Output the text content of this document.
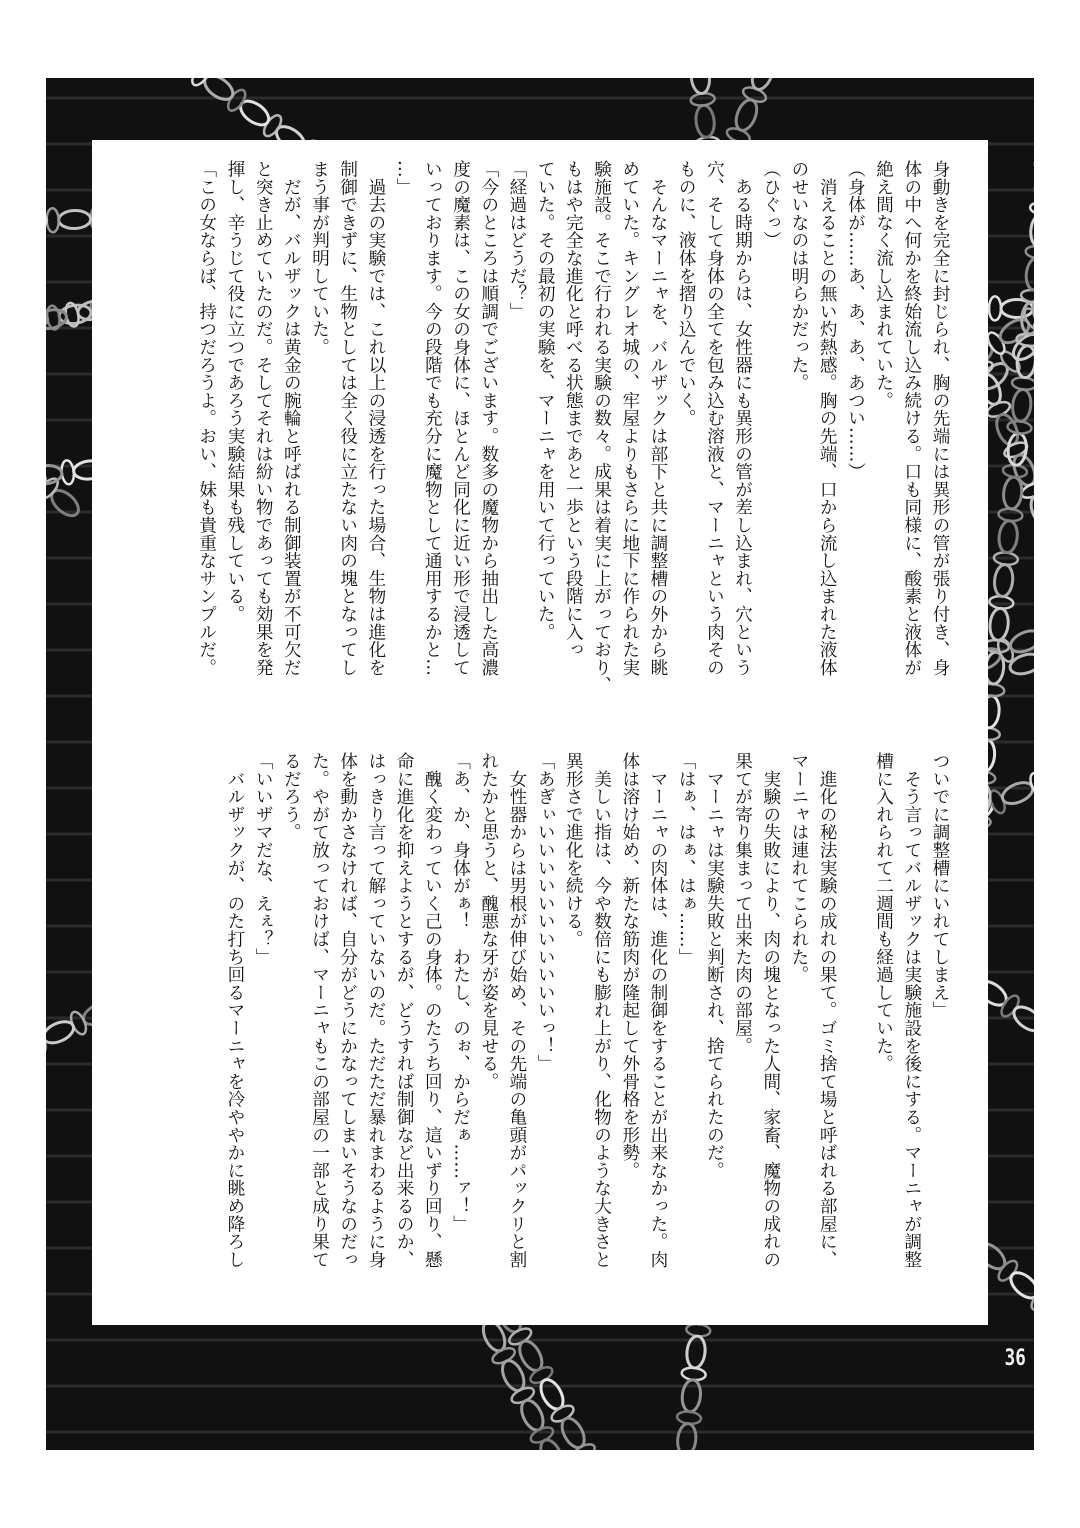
身動きを完全に封じられ、胸の先端には異形の管が張り付き、身
体の中へ何かを終始流し込み続ける。口も同様に、酸素と液体が
絶え間なく流し込まれていた。
（身体が……あ、あ、あ、あつい……）
　消えることの無い灼熱感。胸の先端、口から流し込まれた液体
のせいなのは明らかだった。
（ひぐっ）
　ある時期からは、女性器にも異形の管が差し込まれ、穴という
穴、そして身体の全てを包み込む溶液と、マーニャという肉その
ものに、液体を摺り込んでいく。
　そんなマーニャを、バルザックは部下と共に調整槽の外から眺
めていた。キングレオ城の、牢屋よりもさらに地下に作られた実
験施設。そこで行われる実験の数々。成果は着実に上がっており、
もはや完全な進化と呼べる状態まであと一歩という段階に入っ
ていた。その最初の実験を、マーニャを用いて行っていた。
「経過はどうだ？」
「今のところは順調でございます。数多の魔物から抽出した高濃
度の魔素は、この女の身体に、ほとんど同化に近い形で浸透して
いっております。今の段階でも充分に魔物として通用するかと…
…」
　過去の実験では、これ以上の浸透を行った場合、生物は進化を
制御できずに、生物としては全く役に立たない肉の塊となってし
まう事が判明していた。
　だが、バルザックは黄金の腕輪と呼ばれる制御装置が不可欠だ
と突き止めていたのだ。そしてそれは紛い物であっても効果を発
揮し、辛うじて役に立つであろう実験結果も残している。
「この女ならば、持つだろうよ。おい、妹も貴重なサンプルだ。
ついでに調整槽にいれてしまえ」
　そう言ってバルザックは実験施設を後にする。マーニャが調整
槽に入れられて二週間も経過していた。

　進化の秘法実験の成れの果て。ゴミ捨て場と呼ばれる部屋に、
マーニャは連れてこられた。
　実験の失敗により、肉の塊となった人間、家畜、魔物の成れの
果てが寄り集まって出来た肉の部屋。
　マーニャは実験失敗と判断され、捨てられたのだ。
「はぁ、はぁ、はぁ……」
　マーニャの肉体は、進化の制御をすることが出来なかった。肉
体は溶け始め、新たな筋肉が隆起して外骨格を形勢。
　美しい指は、今や数倍にも膨れ上がり、化物のような大きさと
異形さで進化を続ける。
「あぎぃいいいいいいいいいいいっ！」
　女性器からは男根が伸び始め、その先端の亀頭がパックリと割
れたかと思うと、醜悪な牙が姿を見せる。
「あ、か、身体がぁ！　わたし、のぉ、からだぁ……ァ！」
　醜く変わっていく己の身体。のたうち回り、這いずり回り、懸
命に進化を抑えようとするが、どうすれば制御など出来るのか、
はっきり言って解っていないのだ。ただただ暴れまわるように身
体を動かさなければ、自分がどうにかなってしまいそうなのだっ
た。やがて放っておけば、マーニャもこの部屋の一部と成り果て
るだろう。
「いいザマだな、えぇ？」
　バルザックが、のた打ち回るマーニャを冷ややかに眺め降ろし
36
